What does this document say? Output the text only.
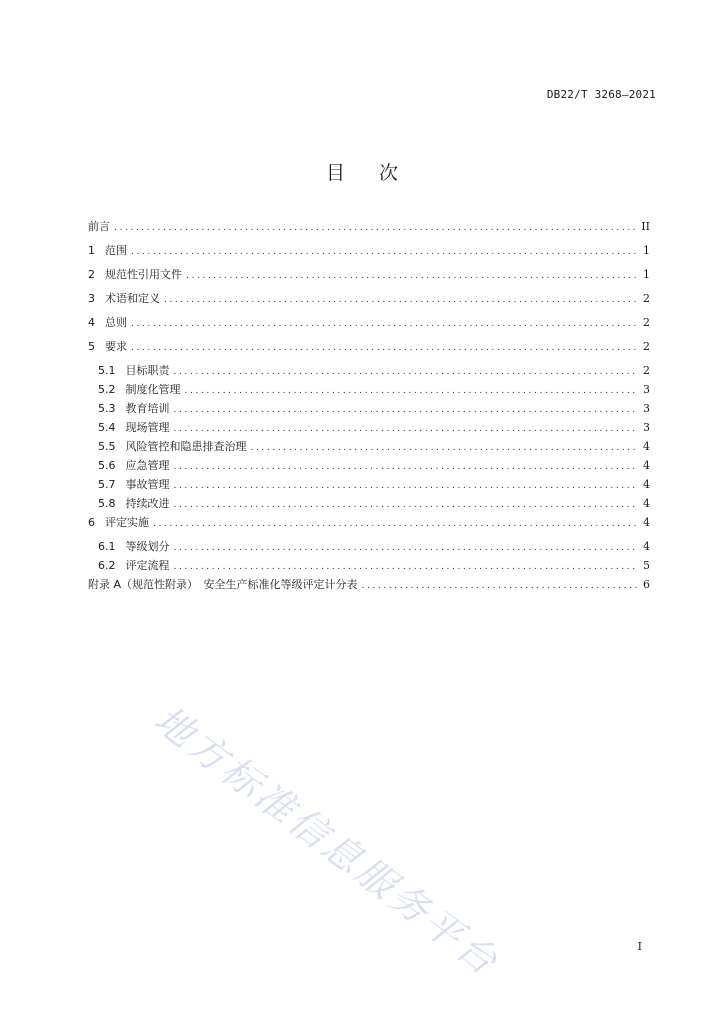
DB22/T 3268—2021
目 次
前言 .....	II
1 范围 .....	1
2 规范性引用文件 .....	1
3 术语和定义 .....	2
4 总则 .....	2
5 要求 .....	2
5.1 目标职责 .....	2
5.2 制度化管理 .....	3
5.3 教育培训 .....	3
5.4 现场管理 .....	3
5.5 风险管控和隐患排查治理 .....	4
5.6 应急管理 .....	4
5.7 事故管理 .....	4
5.8 持续改进 .....	4
6 评定实施 .....	4
6.1 等级划分 .....	4
6.2 评定流程 .....	5
附录 A（规范性附录）　安全生产标准化等级评定计分表 .....	6
地方标准信息服务平台	I
